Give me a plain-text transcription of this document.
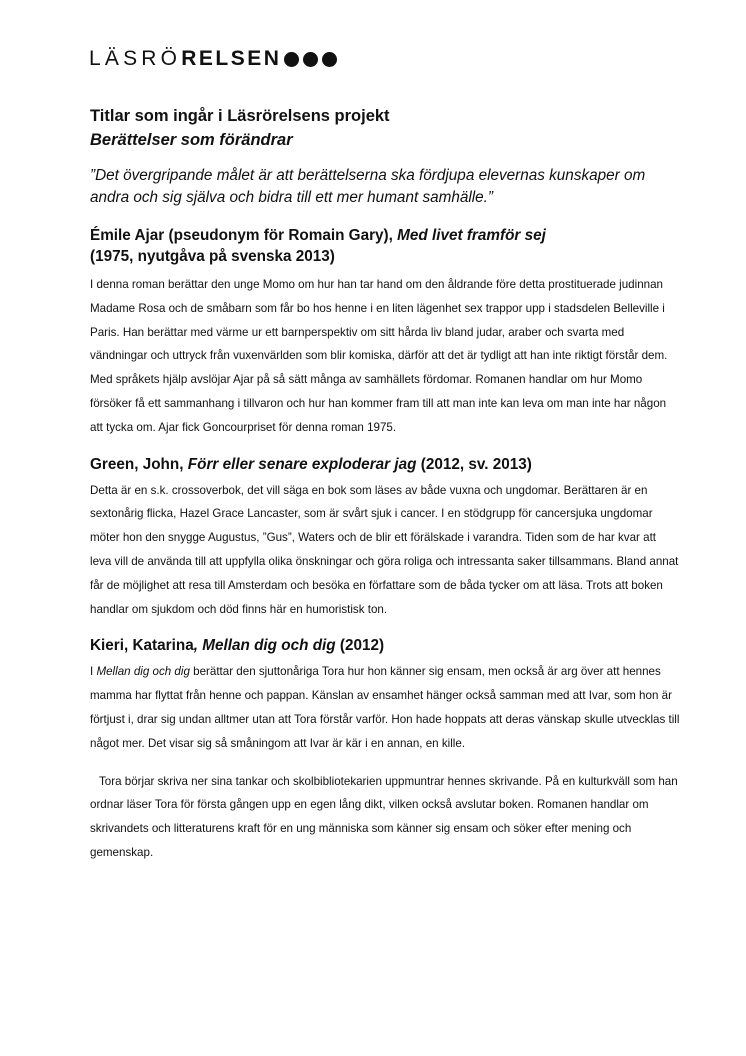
LÄSRÖ RELSEN
Titlar som ingår i Läsrörelsens projekt
Berättelser som förändrar

”Det övergripande målet är att berättelserna ska fördjupa elevernas kunskaper om andra och sig själva och bidra till ett mer humant samhälle.”

Émile Ajar (pseudonym för Romain Gary), Med livet framför sej
(1975, nyutgåva på svenska 2013)

I denna roman berättar den unge Momo om hur han tar hand om den åldrande före detta prostituerade judinnan Madame Rosa och de småbarn som får bo hos henne i en liten lägenhet sex trappor upp i stadsdelen Belleville i Paris. Han berättar med värme ur ett barnperspektiv om sitt hårda liv bland judar, araber och svarta med vändningar och uttryck från vuxenvärlden som blir komiska, därför att det är tydligt att han inte riktigt förstår dem. Med språkets hjälp avslöjar Ajar på så sätt många av samhällets fördomar. Romanen handlar om hur Momo försöker få ett sammanhang i tillvaron och hur han kommer fram till att man inte kan leva om man inte har någon att tycka om. Ajar fick Goncourpriset för denna roman 1975.

Green, John, Förr eller senare exploderar jag (2012, sv. 2013)

Detta är en s.k. crossoverbok, det vill säga en bok som läses av både vuxna och ungdomar. Berättaren är en sextonårig flicka, Hazel Grace Lancaster, som är svårt sjuk i cancer. I en stödgrupp för cancersjuka ungdomar möter hon den snygge Augustus, ”Gus”, Waters och de blir ett förälskade i varandra. Tiden som de har kvar att leva vill de använda till att uppfylla olika önskningar och göra roliga och intressanta saker tillsammans. Bland annat får de möjlighet att resa till Amsterdam och besöka en författare som de båda tycker om att läsa. Trots att boken handlar om sjukdom och död finns här en humoristisk ton.

Kieri, Katarina, Mellan dig och dig (2012)

I Mellan dig och dig berättar den sjuttonåriga Tora hur hon känner sig ensam, men också är arg över att hennes mamma har flyttat från henne och pappan. Känslan av ensamhet hänger också samman med att Ivar, som hon är förtjust i, drar sig undan alltmer utan att Tora förstår varför. Hon hade hoppats att deras vänskap skulle utvecklas till något mer. Det visar sig så småningom att Ivar är kär i en annan, en kille.

Tora börjar skriva ner sina tankar och skolbibliotekarien uppmuntrar hennes skrivande. På en kulturkväll som han ordnar läser Tora för första gången upp en egen lång dikt, vilken också avslutar boken. Romanen handlar om skrivandets och litteraturens kraft för en ung människa som känner sig ensam och söker efter mening och gemenskap.
